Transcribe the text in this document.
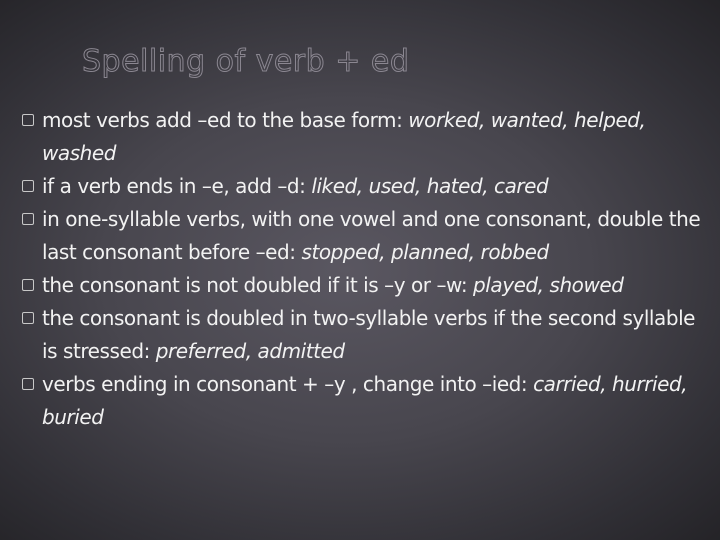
Spelling of verb + ed
most verbs add –ed to the base form: worked, wanted, helped, washed
if a verb ends in –e, add –d: liked, used, hated, cared
in one-syllable verbs, with one vowel and one consonant, double the last consonant before –ed: stopped, planned, robbed
the consonant is not doubled if it is –y or –w: played, showed
the consonant is doubled in two-syllable verbs if the second syllable is stressed: preferred, admitted
verbs ending in consonant + –y , change into –ied: carried, hurried, buried
